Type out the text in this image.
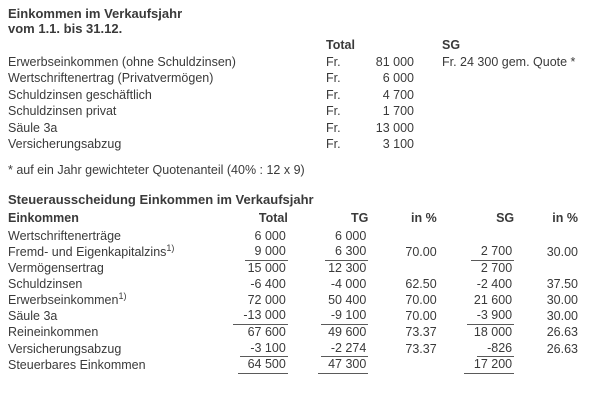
Einkommen im Verkaufsjahr
vom 1.1. bis 31.12.
	Total		SG
Erwerbseinkommen (ohne Schuldzinsen)	Fr.	81 000	Fr. 24 300 gem. Quote *
Wertschriftenertrag (Privatvermögen)	Fr.	6 000	
Schuldzinsen geschäftlich	Fr.	4 700	
Schuldzinsen privat	Fr.	1 700	
Säule 3a	Fr.	13 000	
Versicherungsabzug	Fr.	3 100	
* auf ein Jahr gewichteter Quotenanteil (40% : 12 x 9)
Steuerausscheidung Einkommen im Verkaufsjahr
Einkommen	Total	TG	in %	SG	in %
Wertschriftenerträge	6 000	6 000			
Fremd- und Eigenkapitalzins$^{1)}$	9 000	6 300	70.00	2 700	30.00
Vermögensertrag	15 000	12 300		2 700	
Schuldzinsen	-6 400	-4 000	62.50	-2 400	37.50
Erwerbseinkommen$^{1)}$	72 000	50 400	70.00	21 600	30.00
Säule 3a	-13 000	-9 100	70.00	-3 900	30.00
Reineinkommen	67 600	49 600	73.37	18 000	26.63
Versicherungsabzug	-3 100	-2 274	73.37	-826	26.63
Steuerbares Einkommen	64 500	47 300		17 200	
